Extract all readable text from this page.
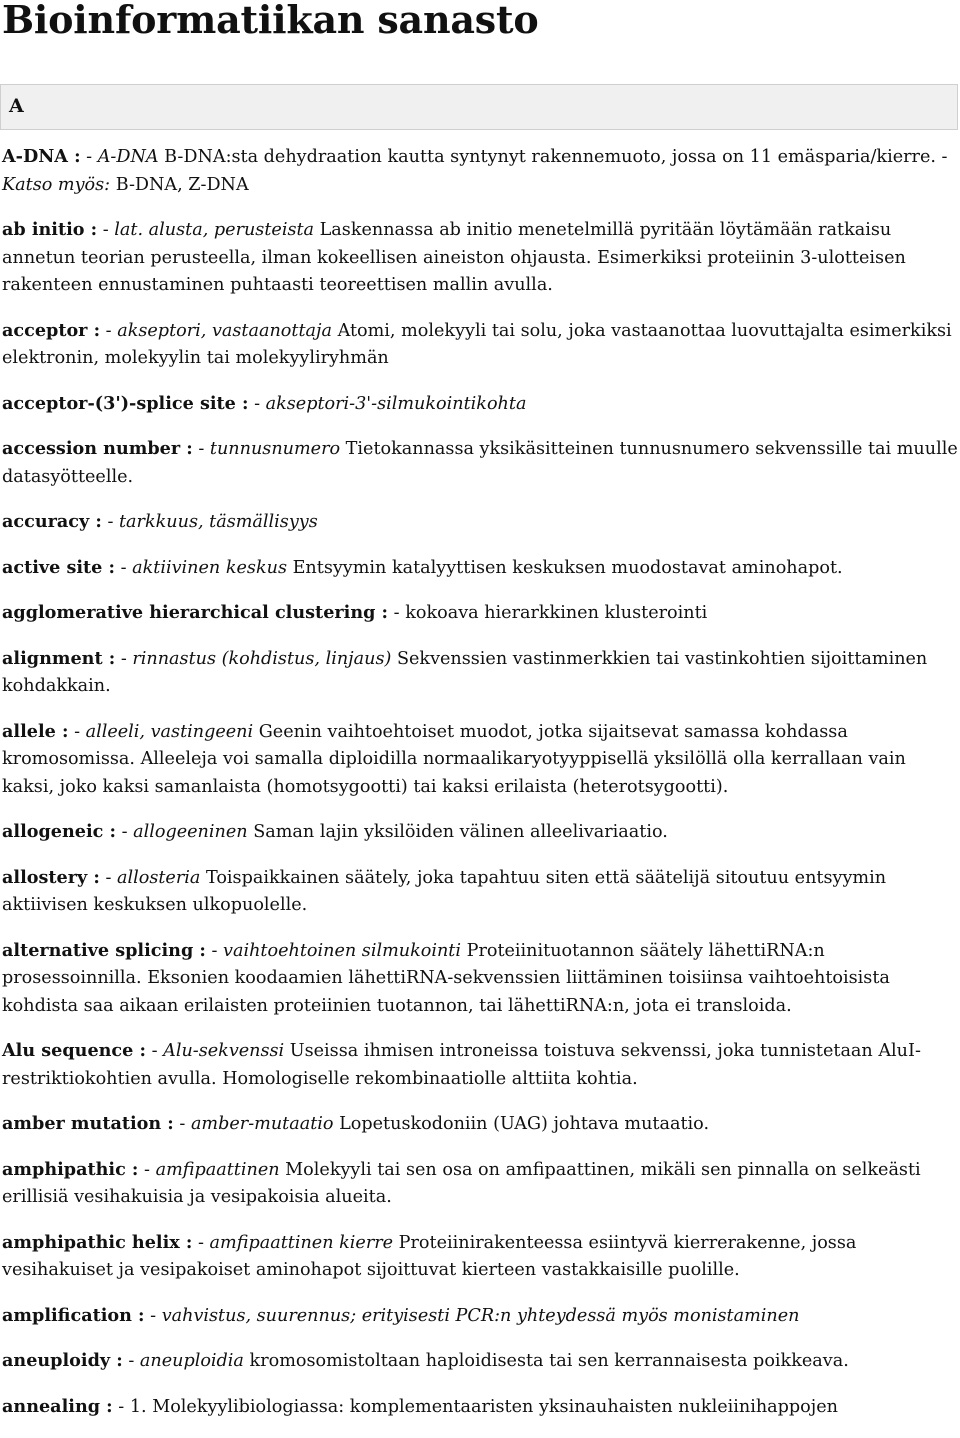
Bioinformatiikan sanasto
A

A-DNA : - A-DNA B-DNA:sta dehydraation kautta syntynyt rakennemuoto, jossa on 11 emäsparia/kierre. - Katso myös: B-DNA, Z-DNA

ab initio : - lat. alusta, perusteista Laskennassa ab initio menetelmillä pyritään löytämään ratkaisu annetun teorian perusteella, ilman kokeellisen aineiston ohjausta. Esimerkiksi proteiinin 3-ulotteisen rakenteen ennustaminen puhtaasti teoreettisen mallin avulla.

acceptor : - akseptori, vastaanottaja Atomi, molekyyli tai solu, joka vastaanottaa luovuttajalta esimerkiksi elektronin, molekyylin tai molekyyliryhmän

acceptor-(3')-splice site : - akseptori-3'-silmukointikohta

accession number : - tunnusnumero Tietokannassa yksikäsitteinen tunnusnumero sekvenssille tai muulle datasyötteelle.

accuracy : - tarkkuus, täsmällisyys

active site : - aktiivinen keskus Entsyymin katalyyttisen keskuksen muodostavat aminohapot.

agglomerative hierarchical clustering : - kokoava hierarkkinen klusterointi

alignment : - rinnastus (kohdistus, linjaus) Sekvenssien vastinmerkkien tai vastinkohtien sijoittaminen kohdakkain.

allele : - alleeli, vastingeeni Geenin vaihtoehtoiset muodot, jotka sijaitsevat samassa kohdassa kromosomissa. Alleeleja voi samalla diploidilla normaalikaryotyyppisellä yksilöllä olla kerrallaan vain kaksi, joko kaksi samanlaista (homotsygootti) tai kaksi erilaista (heterotsygootti).

allogeneic : - allogeeninen Saman lajin yksilöiden välinen alleelivariaatio.

allostery : - allosteria Toispaikkainen säätely, joka tapahtuu siten että säätelijä sitoutuu entsyymin aktiivisen keskuksen ulkopuolelle.

alternative splicing : - vaihtoehtoinen silmukointi Proteiinituotannon säätely lähettiRNA:n prosessoinnilla. Eksonien koodaamien lähettiRNA-sekvenssien liittäminen toisiinsa vaihtoehtoisista kohdista saa aikaan erilaisten proteiinien tuotannon, tai lähettiRNA:n, jota ei transloida.

Alu sequence : - Alu-sekvenssi Useissa ihmisen introneissa toistuva sekvenssi, joka tunnistetaan AluI-restriktiokohtien avulla. Homologiselle rekombinaatiolle alttiita kohtia.

amber mutation : - amber-mutaatio Lopetuskodoniin (UAG) johtava mutaatio.

amphipathic : - amfipaattinen Molekyyli tai sen osa on amfipaattinen, mikäli sen pinnalla on selkeästi erillisiä vesihakuisia ja vesipakoisia alueita.

amphipathic helix : - amfipaattinen kierre Proteiinirakenteessa esiintyvä kierrerakenne, jossa vesihakuiset ja vesipakoiset aminohapot sijoittuvat kierteen vastakkaisille puolille.

amplification : - vahvistus, suurennus; erityisesti PCR:n yhteydessä myös monistaminen

aneuploidy : - aneuploidia kromosomistoltaan haploidisesta tai sen kerrannaisesta poikkeava.

annealing : - 1. Molekyylibiologiassa: komplementaaristen yksinauhaisten nukleiinihappojen
